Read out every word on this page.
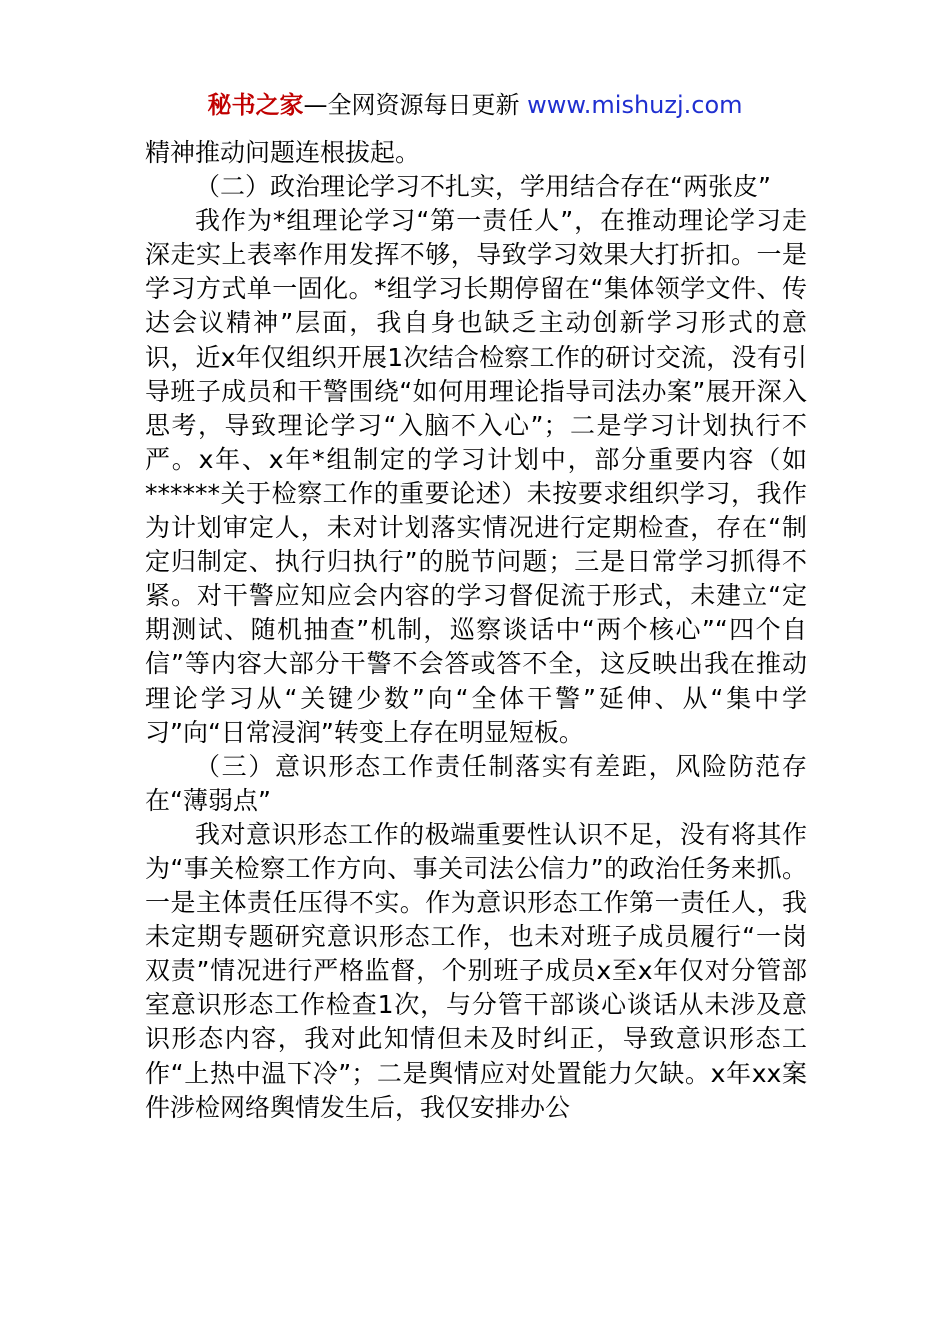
秘书之家—全网资源每日更新 www.mishuzj.com

精神推动问题连根拔起。

（二）政治理论学习不扎实，学用结合存在“两张皮”

我作为*组理论学习“第一责任人”，在推动理论学习走深走实上表率作用发挥不够，导致学习效果大打折扣。一是学习方式单一固化。*组学习长期停留在“集体领学文件、传达会议精神”层面，我自身也缺乏主动创新学习形式的意识，近x年仅组织开展1次结合检察工作的研讨交流，没有引导班子成员和干警围绕“如何用理论指导司法办案”展开深入思考，导致理论学习“入脑不入心”；二是学习计划执行不严。x年、x年*组制定的学习计划中，部分重要内容（如******关于检察工作的重要论述）未按要求组织学习，我作为计划审定人，未对计划落实情况进行定期检查，存在“制定归制定、执行归执行”的脱节问题；三是日常学习抓得不紧。对干警应知应会内容的学习督促流于形式，未建立“定期测试、随机抽查”机制，巡察谈话中“两个核心”“四个自信”等内容大部分干警不会答或答不全，这反映出我在推动理论学习从“关键少数”向“全体干警”延伸、从“集中学习”向“日常浸润”转变上存在明显短板。

（三）意识形态工作责任制落实有差距，风险防范存在“薄弱点”

我对意识形态工作的极端重要性认识不足，没有将其作为“事关检察工作方向、事关司法公信力”的政治任务来抓。一是主体责任压得不实。作为意识形态工作第一责任人，我未定期专题研究意识形态工作，也未对班子成员履行“一岗双责”情况进行严格监督，个别班子成员x至x年仅对分管部室意识形态工作检查1次，与分管干部谈心谈话从未涉及意识形态内容，我对此知情但未及时纠正，导致意识形态工作“上热中温下冷”；二是舆情应对处置能力欠缺。x年xx案件涉检网络舆情发生后，我仅安排办公
